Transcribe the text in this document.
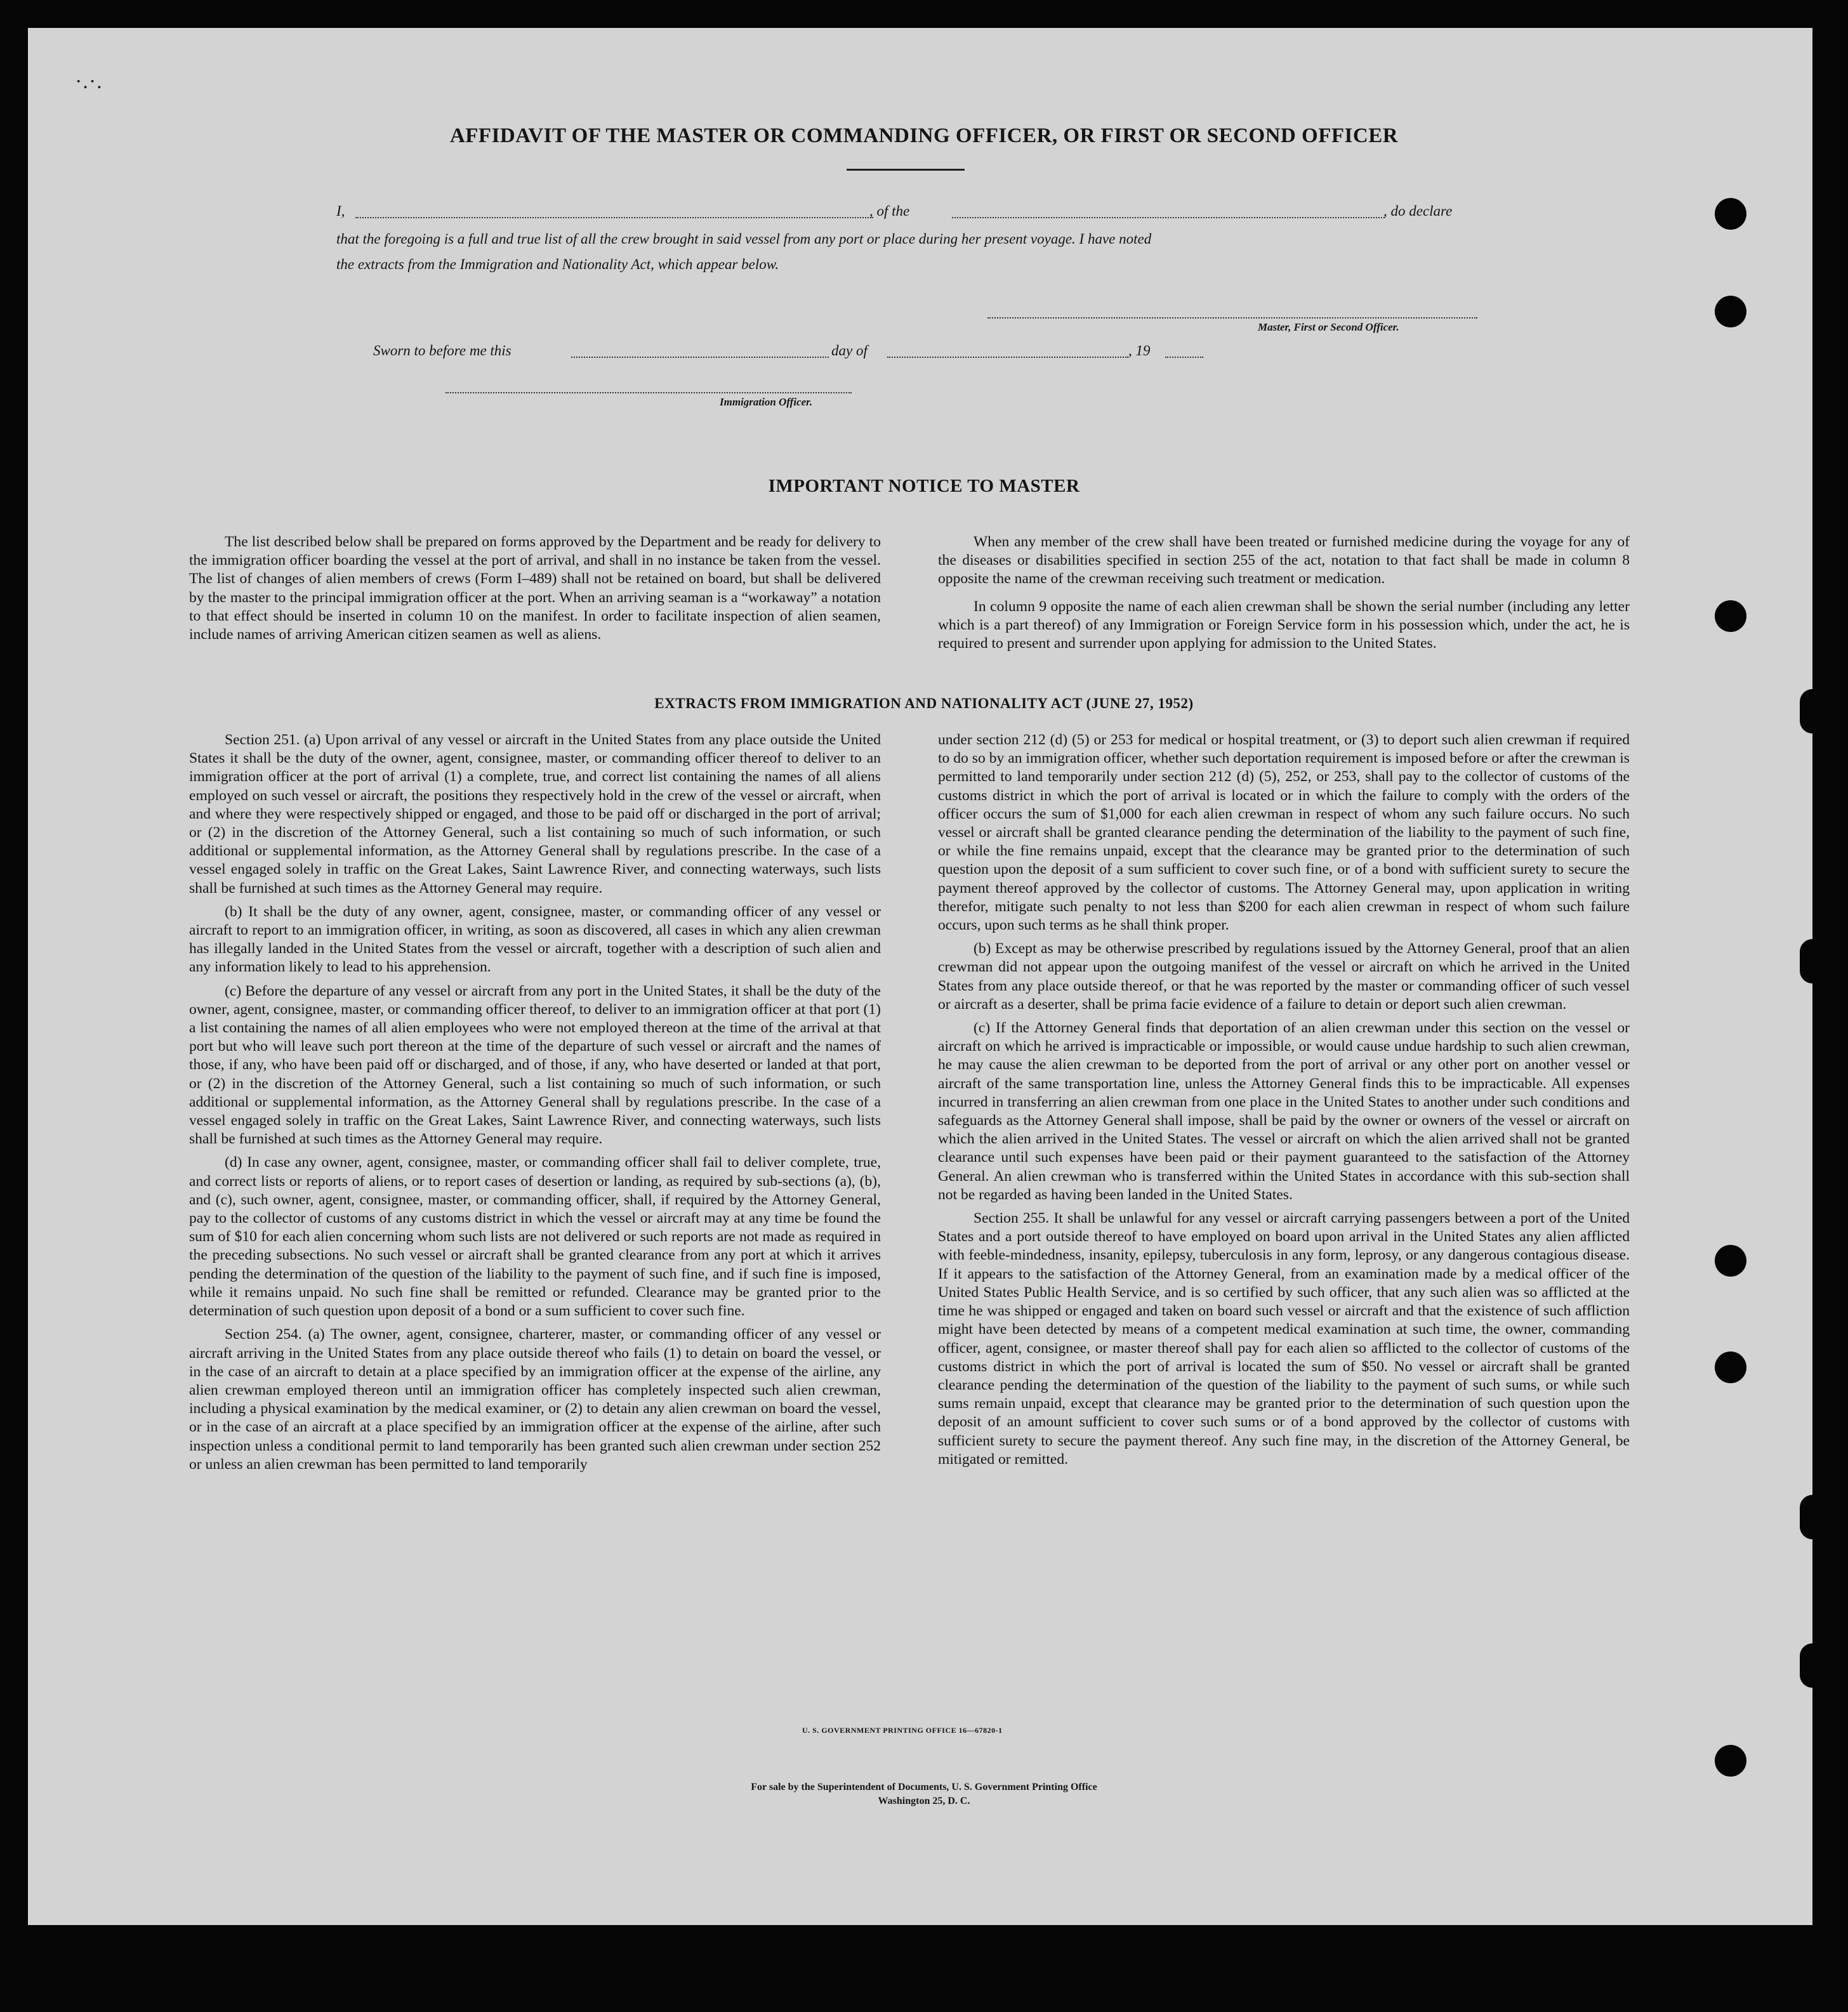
AFFIDAVIT OF THE MASTER OR COMMANDING OFFICER, OR FIRST OR SECOND OFFICER
I,	, of the	, do declare
that the foregoing is a full and true list of all the crew brought in said vessel from any port or place during her present voyage. I have noted
the extracts from the Immigration and Nationality Act, which appear below.
Master, First or Second Officer.
Sworn to before me this	day of	, 19
Immigration Officer.
IMPORTANT NOTICE TO MASTER

The list described below shall be prepared on forms approved by the Department and be ready for delivery to the immigration officer boarding the vessel at the port of arrival, and shall in no instance be taken from the vessel. The list of changes of alien members of crews (Form I–489) shall not be retained on board, but shall be delivered by the master to the principal immigration officer at the port. When an arriving seaman is a “workaway” a notation to that effect should be inserted in column 10 on the manifest. In order to facilitate inspection of alien seamen, include names of arriving American citizen seamen as well as aliens.

When any member of the crew shall have been treated or furnished medicine during the voyage for any of the diseases or disabilities specified in section 255 of the act, notation to that fact shall be made in column 8 opposite the name of the crewman receiving such treatment or medication.

In column 9 opposite the name of each alien crewman shall be shown the serial number (including any letter which is a part thereof) of any Immigration or Foreign Service form in his possession which, under the act, he is required to present and surrender upon applying for admission to the United States.

EXTRACTS FROM IMMIGRATION AND NATIONALITY ACT (JUNE 27, 1952)

Section 251. (a) Upon arrival of any vessel or aircraft in the United States from any place outside the United States it shall be the duty of the owner, agent, consignee, master, or commanding officer thereof to deliver to an immigration officer at the port of arrival (1) a complete, true, and correct list containing the names of all aliens employed on such vessel or aircraft, the positions they respectively hold in the crew of the vessel or aircraft, when and where they were respectively shipped or engaged, and those to be paid off or discharged in the port of arrival; or (2) in the discretion of the Attorney General, such a list containing so much of such information, or such additional or supplemental information, as the Attorney General shall by regulations prescribe. In the case of a vessel engaged solely in traffic on the Great Lakes, Saint Lawrence River, and connecting waterways, such lists shall be furnished at such times as the Attorney General may require.

(b) It shall be the duty of any owner, agent, consignee, master, or commanding officer of any vessel or aircraft to report to an immigration officer, in writing, as soon as discovered, all cases in which any alien crewman has illegally landed in the United States from the vessel or aircraft, together with a description of such alien and any information likely to lead to his apprehension.

(c) Before the departure of any vessel or aircraft from any port in the United States, it shall be the duty of the owner, agent, consignee, master, or commanding officer thereof, to deliver to an immigration officer at that port (1) a list containing the names of all alien employees who were not employed thereon at the time of the arrival at that port but who will leave such port thereon at the time of the departure of such vessel or aircraft and the names of those, if any, who have been paid off or discharged, and of those, if any, who have deserted or landed at that port, or (2) in the discretion of the Attorney General, such a list containing so much of such information, or such additional or supplemental information, as the Attorney General shall by regulations prescribe. In the case of a vessel engaged solely in traffic on the Great Lakes, Saint Lawrence River, and connecting waterways, such lists shall be furnished at such times as the Attorney General may require.

(d) In case any owner, agent, consignee, master, or commanding officer shall fail to deliver complete, true, and correct lists or reports of aliens, or to report cases of desertion or landing, as required by sub-sections (a), (b), and (c), such owner, agent, consignee, master, or commanding officer, shall, if required by the Attorney General, pay to the collector of customs of any customs district in which the vessel or aircraft may at any time be found the sum of $10 for each alien concerning whom such lists are not delivered or such reports are not made as required in the preceding subsections. No such vessel or aircraft shall be granted clearance from any port at which it arrives pending the determination of the question of the liability to the payment of such fine, and if such fine is imposed, while it remains unpaid. No such fine shall be remitted or refunded. Clearance may be granted prior to the determination of such question upon deposit of a bond or a sum sufficient to cover such fine.

Section 254. (a) The owner, agent, consignee, charterer, master, or commanding officer of any vessel or aircraft arriving in the United States from any place outside thereof who fails (1) to detain on board the vessel, or in the case of an aircraft to detain at a place specified by an immigration officer at the expense of the airline, any alien crewman employed thereon until an immigration officer has completely inspected such alien crewman, including a physical examination by the medical examiner, or (2) to detain any alien crewman on board the vessel, or in the case of an aircraft at a place specified by an immigration officer at the expense of the airline, after such inspection unless a conditional permit to land temporarily has been granted such alien crewman under section 252 or unless an alien crewman has been permitted to land temporarily

under section 212 (d) (5) or 253 for medical or hospital treatment, or (3) to deport such alien crewman if required to do so by an immigration officer, whether such deportation requirement is imposed before or after the crewman is permitted to land temporarily under section 212 (d) (5), 252, or 253, shall pay to the collector of customs of the customs district in which the port of arrival is located or in which the failure to comply with the orders of the officer occurs the sum of $1,000 for each alien crewman in respect of whom any such failure occurs. No such vessel or aircraft shall be granted clearance pending the determination of the liability to the payment of such fine, or while the fine remains unpaid, except that the clearance may be granted prior to the determination of such question upon the deposit of a sum sufficient to cover such fine, or of a bond with sufficient surety to secure the payment thereof approved by the collector of customs. The Attorney General may, upon application in writing therefor, mitigate such penalty to not less than $200 for each alien crewman in respect of whom such failure occurs, upon such terms as he shall think proper.

(b) Except as may be otherwise prescribed by regulations issued by the Attorney General, proof that an alien crewman did not appear upon the outgoing manifest of the vessel or aircraft on which he arrived in the United States from any place outside thereof, or that he was reported by the master or commanding officer of such vessel or aircraft as a deserter, shall be prima facie evidence of a failure to detain or deport such alien crewman.

(c) If the Attorney General finds that deportation of an alien crewman under this section on the vessel or aircraft on which he arrived is impracticable or impossible, or would cause undue hardship to such alien crewman, he may cause the alien crewman to be deported from the port of arrival or any other port on another vessel or aircraft of the same transportation line, unless the Attorney General finds this to be impracticable. All expenses incurred in transferring an alien crewman from one place in the United States to another under such conditions and safeguards as the Attorney General shall impose, shall be paid by the owner or owners of the vessel or aircraft on which the alien arrived in the United States. The vessel or aircraft on which the alien arrived shall not be granted clearance until such expenses have been paid or their payment guaranteed to the satisfaction of the Attorney General. An alien crewman who is transferred within the United States in accordance with this sub-section shall not be regarded as having been landed in the United States.

Section 255. It shall be unlawful for any vessel or aircraft carrying passengers between a port of the United States and a port outside thereof to have employed on board upon arrival in the United States any alien afflicted with feeble-mindedness, insanity, epilepsy, tuberculosis in any form, leprosy, or any dangerous contagious disease. If it appears to the satisfaction of the Attorney General, from an examination made by a medical officer of the United States Public Health Service, and is so certified by such officer, that any such alien was so afflicted at the time he was shipped or engaged and taken on board such vessel or aircraft and that the existence of such affliction might have been detected by means of a competent medical examination at such time, the owner, commanding officer, agent, consignee, or master thereof shall pay for each alien so afflicted to the collector of customs of the customs district in which the port of arrival is located the sum of $50. No vessel or aircraft shall be granted clearance pending the determination of the question of the liability to the payment of such sums, or while such sums remain unpaid, except that clearance may be granted prior to the determination of such question upon the deposit of an amount sufficient to cover such sums or of a bond approved by the collector of customs with sufficient surety to secure the payment thereof. Any such fine may, in the discretion of the Attorney General, be mitigated or remitted.

U. S. GOVERNMENT PRINTING OFFICE 16—67820-1
For sale by the Superintendent of Documents, U. S. Government Printing Office
Washington 25, D. C.
·.·.
